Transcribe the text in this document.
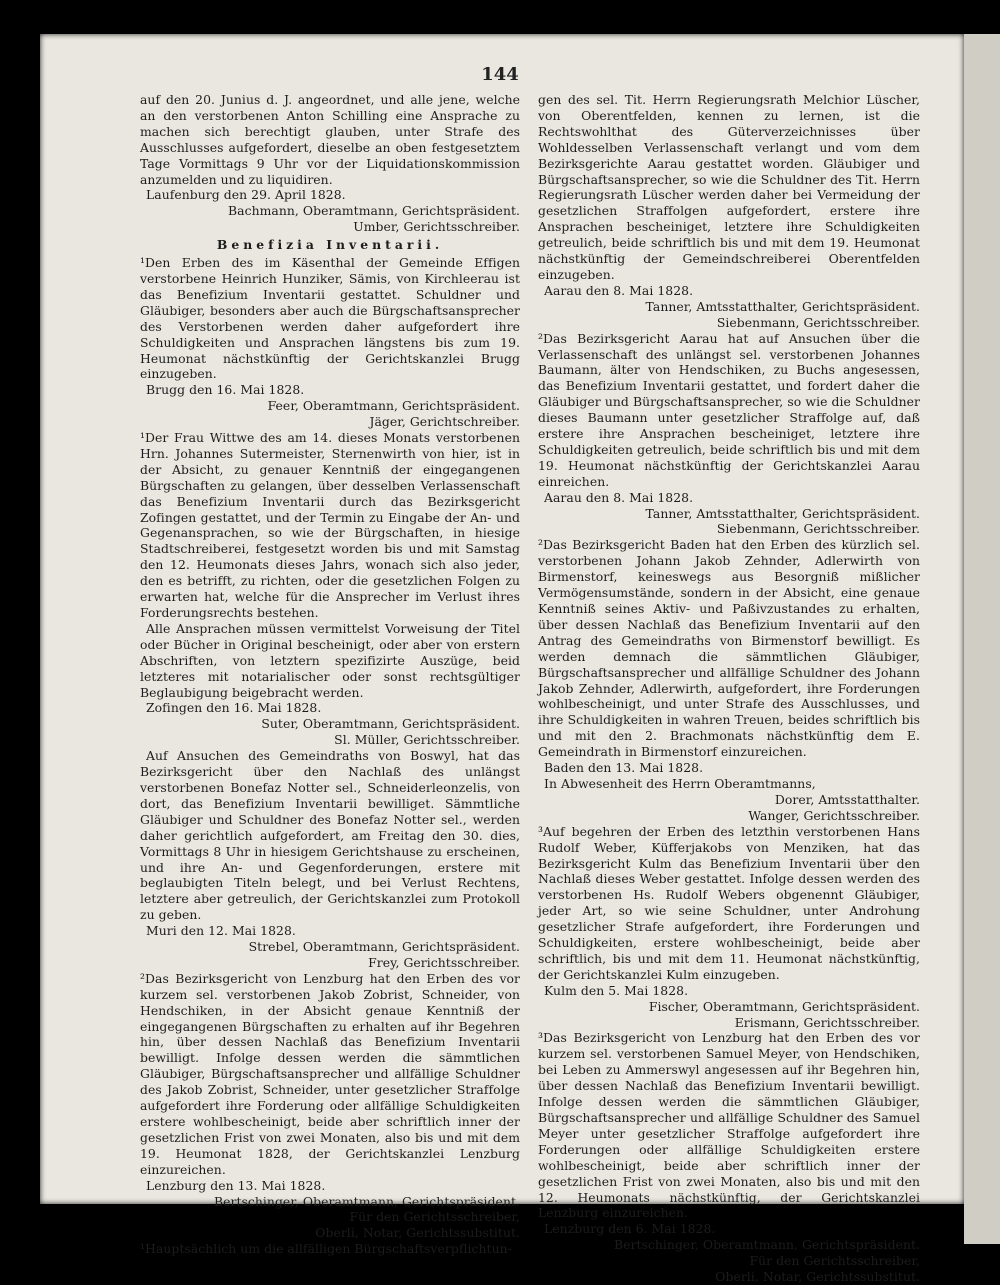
144

auf den 20. Junius d. J. angeordnet, und alle jene, welche an den verstorbenen Anton Schilling eine Ansprache zu machen sich berechtigt glauben, unter Strafe des Ausschlusses aufgefordert, dieselbe an oben festgesetztem Tage Vormittags 9 Uhr vor der Liquidationskommission anzumelden und zu liquidiren.

Laufenburg den 29. April 1828.

Bachmann, Oberamtmann, Gerichtspräsident.

Umber, Gerichtsschreiber.

Benefizia Inventarii.

¹Den Erben des im Käsenthal der Gemeinde Effigen verstorbene Heinrich Hunziker, Sämis, von Kirchleerau ist das Benefizium Inventarii gestattet. Schuldner und Gläubiger, besonders aber auch die Bürgschaftsansprecher des Verstorbenen werden daher aufgefordert ihre Schuldigkeiten und Ansprachen längstens bis zum 19. Heumonat nächstkünftig der Gerichtskanzlei Brugg einzugeben.

Brugg den 16. Mai 1828.

Feer, Oberamtmann, Gerichtspräsident.

Jäger, Gerichtschreiber.

¹Der Frau Wittwe des am 14. dieses Monats verstorbenen Hrn. Johannes Sutermeister, Sternenwirth von hier, ist in der Absicht, zu genauer Kenntniß der eingegangenen Bürgschaften zu gelangen, über desselben Verlassenschaft das Benefizium Inventarii durch das Bezirksgericht Zofingen gestattet, und der Termin zu Eingabe der An- und Gegenansprachen, so wie der Bürgschaften, in hiesige Stadtschreiberei, festgesetzt worden bis und mit Samstag den 12. Heumonats dieses Jahrs, wonach sich also jeder, den es betrifft, zu richten, oder die gesetzlichen Folgen zu erwarten hat, welche für die Ansprecher im Verlust ihres Forderungsrechts bestehen.

Alle Ansprachen müssen vermittelst Vorweisung der Titel oder Bücher in Original bescheinigt, oder aber von erstern Abschriften, von letztern spezifizirte Auszüge, beid letzteres mit notarialischer oder sonst rechtsgültiger Beglaubigung beigebracht werden.

Zofingen den 16. Mai 1828.

Suter, Oberamtmann, Gerichtspräsident.

Sl. Müller, Gerichtsschreiber.

Auf Ansuchen des Gemeindraths von Boswyl, hat das Bezirksgericht über den Nachlaß des unlängst verstorbenen Bonefaz Notter sel., Schneiderleonzelis, von dort, das Benefizium Inventarii bewilliget. Sämmtliche Gläubiger und Schuldner des Bonefaz Notter sel., werden daher gerichtlich aufgefordert, am Freitag den 30. dies, Vormittags 8 Uhr in hiesigem Gerichtshause zu erscheinen, und ihre An- und Gegenforderungen, erstere mit beglaubigten Titeln belegt, und bei Verlust Rechtens, letztere aber getreulich, der Gerichtskanzlei zum Protokoll zu geben.

Muri den 12. Mai 1828.

Strebel, Oberamtmann, Gerichtspräsident.

Frey, Gerichtsschreiber.

²Das Bezirksgericht von Lenzburg hat den Erben des vor kurzem sel. verstorbenen Jakob Zobrist, Schneider, von Hendschiken, in der Absicht genaue Kenntniß der eingegangenen Bürgschaften zu erhalten auf ihr Begehren hin, über dessen Nachlaß das Benefizium Inventarii bewilligt. Infolge dessen werden die sämmtlichen Gläubiger, Bürgschaftsansprecher und allfällige Schuldner des Jakob Zobrist, Schneider, unter gesetzlicher Straffolge aufgefordert ihre Forderung oder allfällige Schuldigkeiten erstere wohlbescheinigt, beide aber schriftlich inner der gesetzlichen Frist von zwei Monaten, also bis und mit dem 19. Heumonat 1828, der Gerichtskanzlei Lenzburg einzureichen.

Lenzburg den 13. Mai 1828.

Bertschinger, Oberamtmann, Gerichtspräsident.

Für den Gerichtsschreiber,

Oberli, Notar, Gerichtssubstitut.

¹Hauptsächlich um die allfälligen Bürgschaftsverpflichtun-

gen des sel. Tit. Herrn Regierungsrath Melchior Lüscher, von Oberentfelden, kennen zu lernen, ist die Rechtswohlthat des Güterverzeichnisses über Wohldesselben Verlassenschaft verlangt und vom dem Bezirksgerichte Aarau gestattet worden. Gläubiger und Bürgschaftsansprecher, so wie die Schuldner des Tit. Herrn Regierungsrath Lüscher werden daher bei Vermeidung der gesetzlichen Straffolgen aufgefordert, erstere ihre Ansprachen bescheiniget, letztere ihre Schuldigkeiten getreulich, beide schriftlich bis und mit dem 19. Heumonat nächstkünftig der Gemeindschreiberei Oberentfelden einzugeben.

Aarau den 8. Mai 1828.

Tanner, Amtsstatthalter, Gerichtspräsident.

Siebenmann, Gerichtsschreiber.

²Das Bezirksgericht Aarau hat auf Ansuchen über die Verlassenschaft des unlängst sel. verstorbenen Johannes Baumann, älter von Hendschiken, zu Buchs angesessen, das Benefizium Inventarii gestattet, und fordert daher die Gläubiger und Bürgschaftsansprecher, so wie die Schuldner dieses Baumann unter gesetzlicher Straffolge auf, daß erstere ihre Ansprachen bescheiniget, letztere ihre Schuldigkeiten getreulich, beide schriftlich bis und mit dem 19. Heumonat nächstkünftig der Gerichtskanzlei Aarau einreichen.

Aarau den 8. Mai 1828.

Tanner, Amtsstatthalter, Gerichtspräsident.

Siebenmann, Gerichtsschreiber.

²Das Bezirksgericht Baden hat den Erben des kürzlich sel. verstorbenen Johann Jakob Zehnder, Adlerwirth von Birmenstorf, keineswegs aus Besorgniß mißlicher Vermögensumstände, sondern in der Absicht, eine genaue Kenntniß seines Aktiv- und Paßivzustandes zu erhalten, über dessen Nachlaß das Benefizium Inventarii auf den Antrag des Gemeindraths von Birmenstorf bewilligt. Es werden demnach die sämmtlichen Gläubiger, Bürgschaftsansprecher und allfällige Schuldner des Johann Jakob Zehnder, Adlerwirth, aufgefordert, ihre Forderungen wohlbescheinigt, und unter Strafe des Ausschlusses, und ihre Schuldigkeiten in wahren Treuen, beides schriftlich bis und mit den 2. Brachmonats nächstkünftig dem E. Gemeindrath in Birmenstorf einzureichen.

Baden den 13. Mai 1828.

In Abwesenheit des Herrn Oberamtmanns,

Dorer, Amtsstatthalter.

Wanger, Gerichtsschreiber.

³Auf begehren der Erben des letzthin verstorbenen Hans Rudolf Weber, Küfferjakobs von Menziken, hat das Bezirksgericht Kulm das Benefizium Inventarii über den Nachlaß dieses Weber gestattet. Infolge dessen werden des verstorbenen Hs. Rudolf Webers obgenennt Gläubiger, jeder Art, so wie seine Schuldner, unter Androhung gesetzlicher Strafe aufgefordert, ihre Forderungen und Schuldigkeiten, erstere wohlbescheinigt, beide aber schriftlich, bis und mit dem 11. Heumonat nächstkünftig, der Gerichtskanzlei Kulm einzugeben.

Kulm den 5. Mai 1828.

Fischer, Oberamtmann, Gerichtspräsident.

Erismann, Gerichtsschreiber.

³Das Bezirksgericht von Lenzburg hat den Erben des vor kurzem sel. verstorbenen Samuel Meyer, von Hendschiken, bei Leben zu Ammerswyl angesessen auf ihr Begehren hin, über dessen Nachlaß das Benefizium Inventarii bewilligt. Infolge dessen werden die sämmtlichen Gläubiger, Bürgschaftsansprecher und allfällige Schuldner des Samuel Meyer unter gesetzlicher Straffolge aufgefordert ihre Forderungen oder allfällige Schuldigkeiten erstere wohlbescheinigt, beide aber schriftlich inner der gesetzlichen Frist von zwei Monaten, also bis und mit den 12. Heumonats nächstkünftig, der Gerichtskanzlei Lenzburg einzureichen.

Lenzburg den 6. Mai 1828.

Bertschinger, Oberamtmann, Gerichtspräsident.

Für den Gerichtsschreiber,

Oberli, Notar, Gerichtssubstitut.
